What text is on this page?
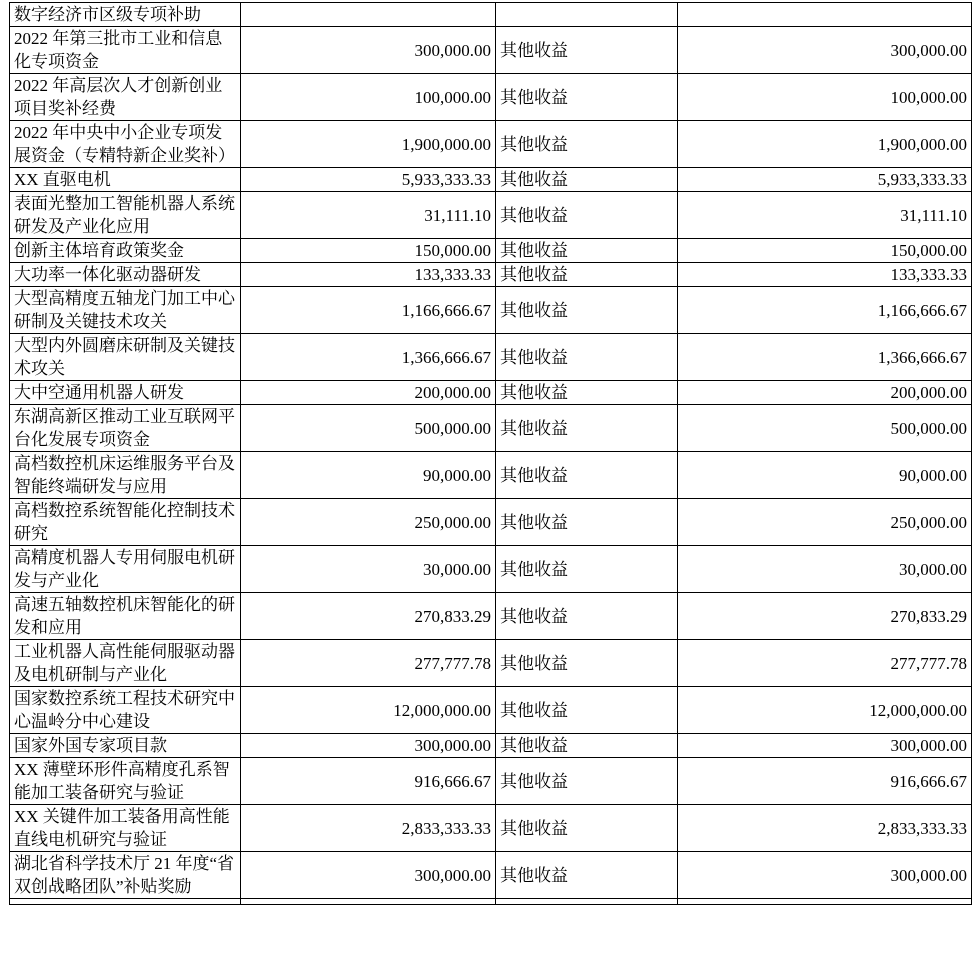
数字经济市区级专项补助			
2022 年第三批市工业和信息化专项资金	300,000.00	其他收益	300,000.00
2022 年高层次人才创新创业项目奖补经费	100,000.00	其他收益	100,000.00
2022 年中央中小企业专项发展资金（专精特新企业奖补）	1,900,000.00	其他收益	1,900,000.00
XX 直驱电机	5,933,333.33	其他收益	5,933,333.33
表面光整加工智能机器人系统研发及产业化应用	31,111.10	其他收益	31,111.10
创新主体培育政策奖金	150,000.00	其他收益	150,000.00
大功率一体化驱动器研发	133,333.33	其他收益	133,333.33
大型高精度五轴龙门加工中心研制及关键技术攻关	1,166,666.67	其他收益	1,166,666.67
大型内外圆磨床研制及关键技术攻关	1,366,666.67	其他收益	1,366,666.67
大中空通用机器人研发	200,000.00	其他收益	200,000.00
东湖高新区推动工业互联网平台化发展专项资金	500,000.00	其他收益	500,000.00
高档数控机床运维服务平台及智能终端研发与应用	90,000.00	其他收益	90,000.00
高档数控系统智能化控制技术研究	250,000.00	其他收益	250,000.00
高精度机器人专用伺服电机研发与产业化	30,000.00	其他收益	30,000.00
高速五轴数控机床智能化的研发和应用	270,833.29	其他收益	270,833.29
工业机器人高性能伺服驱动器及电机研制与产业化	277,777.78	其他收益	277,777.78
国家数控系统工程技术研究中心温岭分中心建设	12,000,000.00	其他收益	12,000,000.00
国家外国专家项目款	300,000.00	其他收益	300,000.00
XX 薄壁环形件高精度孔系智能加工装备研究与验证	916,666.67	其他收益	916,666.67
XX 关键件加工装备用高性能直线电机研究与验证	2,833,333.33	其他收益	2,833,333.33
湖北省科学技术厅 21 年度“省双创战略团队”补贴奖励	300,000.00	其他收益	300,000.00
